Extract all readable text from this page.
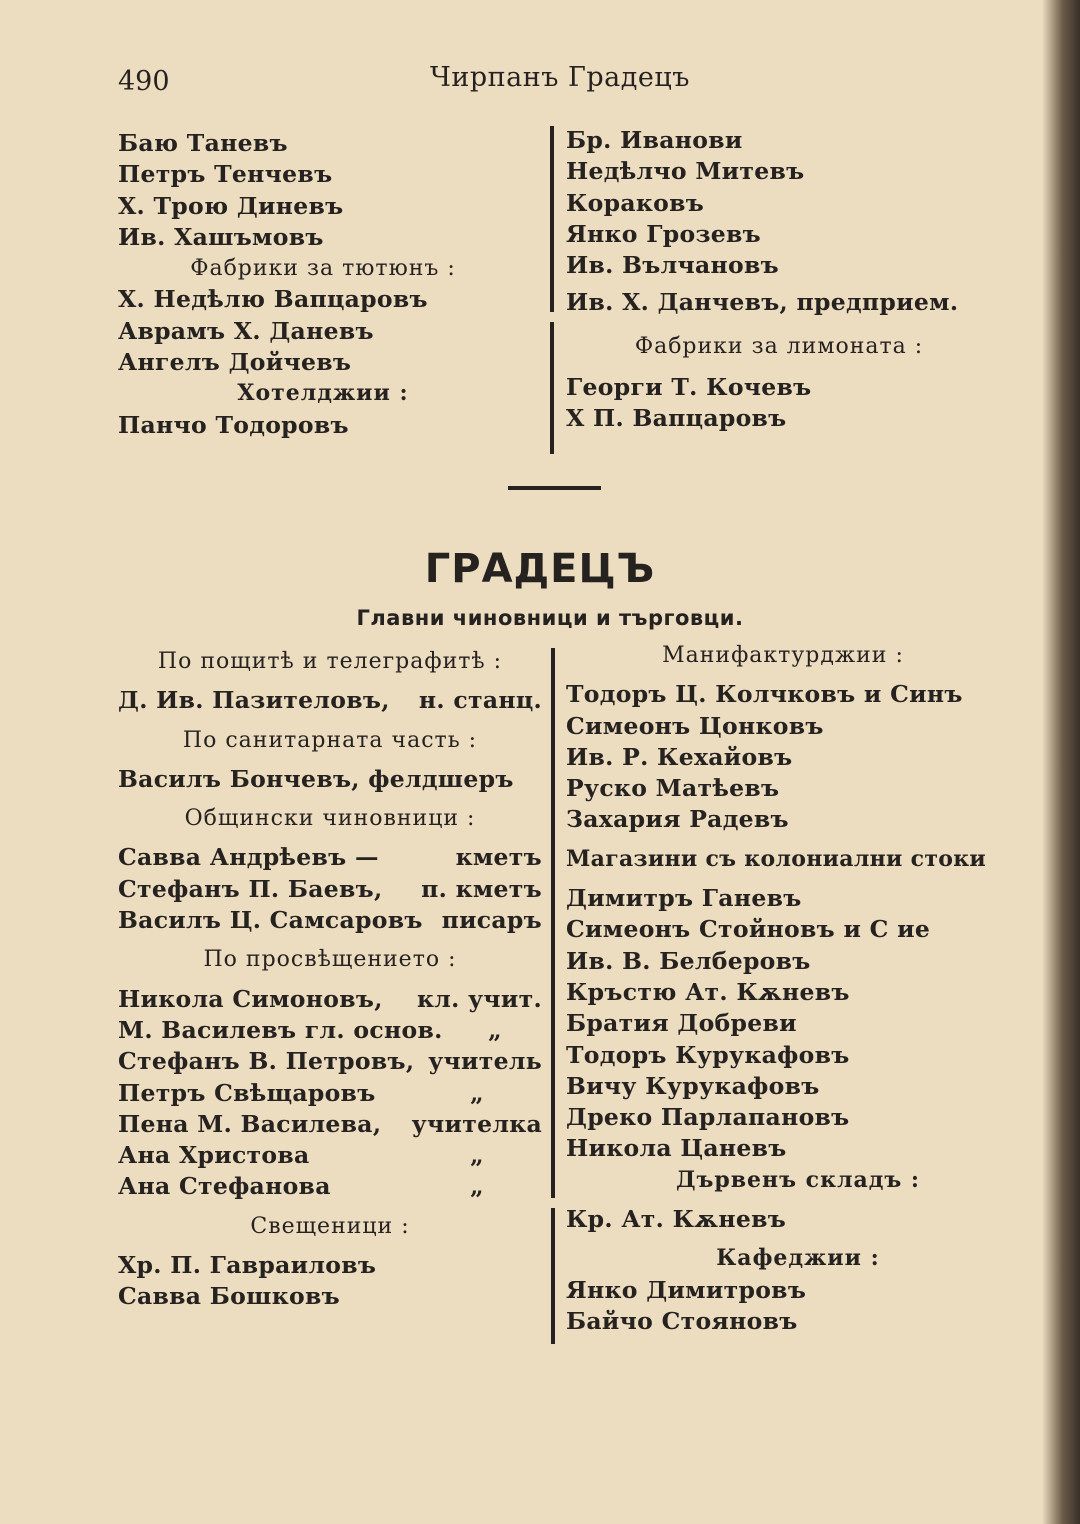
490	Чирпанъ Градецъ
Баю Таневъ
Петръ Тенчевъ
Х. Трою Диневъ
Ив. Хашъмовъ
Фабрики за тютюнъ :
Х. Недѣлю Вапцаровъ
Аврамъ Х. Даневъ
Ангелъ Дойчевъ
Хотелджии :
Панчо Тодоровъ
Бр. Иванови
Недѣлчо Митевъ
Кораковъ
Янко Грозевъ
Ив. Вълчановъ
Ив. Х. Данчевъ, предприем.
Фабрики за лимоната :
Георги Т. Кочевъ
Х П. Вапцаровъ
ГРАДЕЦЪ
Главни чиновници и търговци.
По пощитѣ и телеграфитѣ :
Д. Ив. Пазителовъ, н. станц.
По санитарната часть :
Василъ Бончевъ, фелдшеръ
Общински чиновници :
Савва Андрѣевъ —	кметъ
Стефанъ П. Баевъ, п. кметъ
Василъ Ц. Самсаровъ писаръ
По просвѣщението :
Никола Симоновъ, кл. учит.
М. Василевъ гл. основ. „
Стефанъ В. Петровъ, учитель
Петръ Свѣщаровъ	„
Пена М. Василева, учителка
Ана Христова	„
Ана Стефанова	„
Свещеници :
Хр. П. Гавраиловъ
Савва Бошковъ
Манифактурджии :
Тодоръ Ц. Колчковъ и Синъ
Симеонъ Цонковъ
Ив. Р. Кехайовъ
Руско Матѣевъ
Захария Радевъ
Магазини съ колониални стоки
Димитръ Ганевъ
Симеонъ Стойновъ и С ие
Ив. В. Белберовъ
Кръстю Ат. Кѫневъ
Братия Добреви
Тодоръ Курукафовъ
Вичу Курукафовъ
Дреко Парлапановъ
Никола Цаневъ
Дървенъ складъ :
Кр. Ат. Кѫневъ
Кафеджии :
Янко Димитровъ
Байчо Стояновъ
